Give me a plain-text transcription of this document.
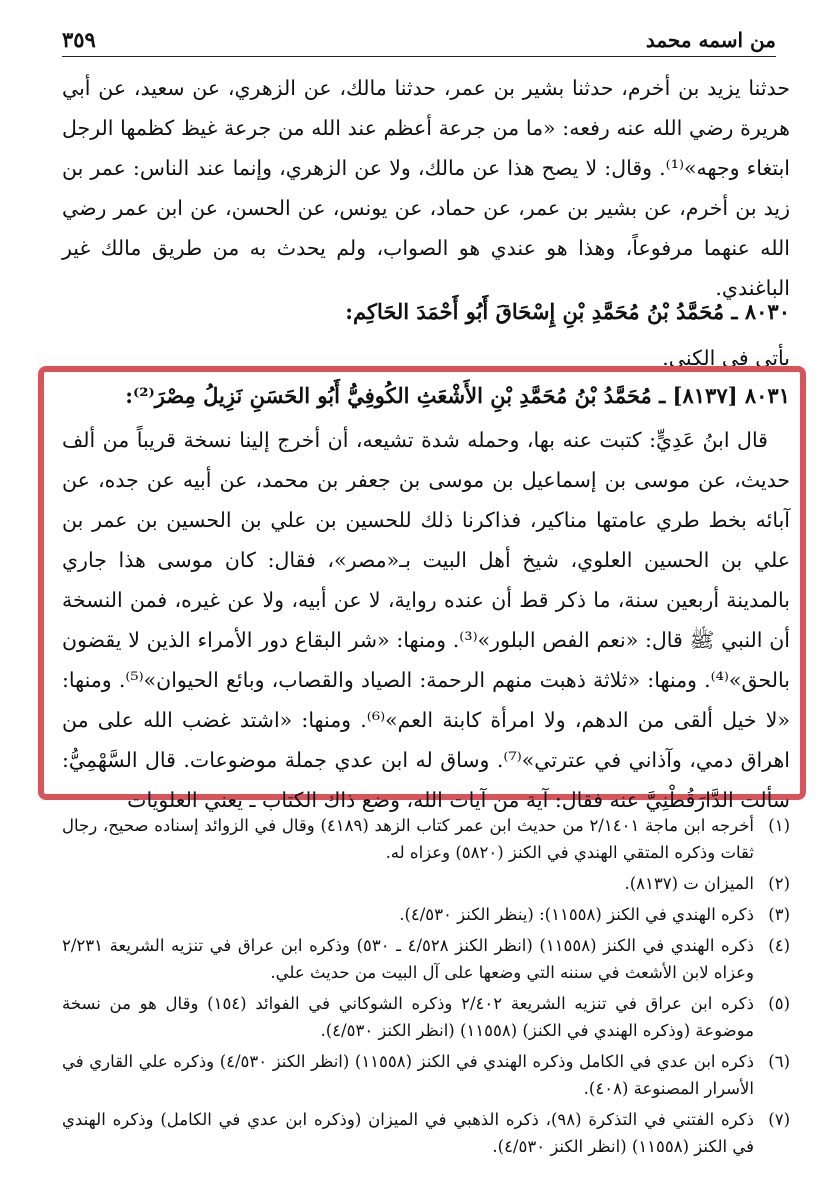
من اسمه محمد
٣٥٩

حدثنا يزيد بن أخرم، حدثنا بشير بن عمر، حدثنا مالك، عن الزهري، عن سعيد، عن أبي هريرة رضي الله عنه رفعه: «ما من جرعة أعظم عند الله من جرعة غيظ كظمها الرجل ابتغاء وجهه»⁽¹⁾. وقال: لا يصح هذا عن مالك، ولا عن الزهري، وإنما عند الناس: عمر بن زيد بن أخرم، عن بشير بن عمر، عن حماد، عن يونس، عن الحسن، عن ابن عمر رضي الله عنهما مرفوعاً، وهذا هو عندي هو الصواب، ولم يحدث به من طريق مالك غير الباغندي.

٨٠٣٠ ـ مُحَمَّدُ بْنُ مُحَمَّدِ بْنِ إِسْحَاقَ أَبُو أَحْمَدَ الحَاكِم:

يأتي في الكنى.

٨٠٣١ [٨١٣٧] ـ مُحَمَّدُ بْنُ مُحَمَّدِ بْنِ الأَشْعَثِ الكُوفِيُّ أَبُو الحَسَنِ نَزِيلُ مِصْرَ⁽²⁾:

قال ابنُ عَدِيٍّ: كتبت عنه بها، وحمله شدة تشيعه، أن أخرج إلينا نسخة قريباً من ألف حديث، عن موسى بن إسماعيل بن موسى بن جعفر بن محمد، عن أبيه عن جده، عن آبائه بخط طري عامتها مناكير، فذاكرنا ذلك للحسين بن علي بن الحسين بن عمر بن علي بن الحسين العلوي، شيخ أهل البيت بـ«مصر»، فقال: كان موسى هذا جاري بالمدينة أربعين سنة، ما ذكر قط أن عنده رواية، لا عن أبيه، ولا عن غيره، فمن النسخة أن النبي ﷺ قال: «نعم الفص البلور»⁽³⁾. ومنها: «شر البقاع دور الأمراء الذين لا يقضون بالحق»⁽⁴⁾. ومنها: «ثلاثة ذهبت منهم الرحمة: الصياد والقصاب، وبائع الحيوان»⁽⁵⁾. ومنها: «لا خيل ألقى من الدهم، ولا امرأة كابنة العم»⁽⁶⁾. ومنها: «اشتد غضب الله على من اهراق دمي، وآذاني في عترتي»⁽⁷⁾. وساق له ابن عدي جملة موضوعات. قال السَّهْمِيُّ: سألت الدَّارَقُطْنِيَّ عنه فقال: آية من آيات الله، وضع ذاك الكتاب ـ يعني العلويات

(١)
أخرجه ابن ماجة ٢/١٤٠١ من حديث ابن عمر كتاب الزهد (٤١٨٩) وقال في الزوائد إسناده صحيح، رجال ثقات وذكره المتقي الهندي في الكنز (٥٨٢٠) وعزاه له.
(٢)
الميزان ت (٨١٣٧).
(٣)
ذكره الهندي في الكنز (١١٥٥٨): (ينظر الكنز ٤/٥٣٠).
(٤)
ذكره الهندي في الكنز (١١٥٥٨) (انظر الكنز ٤/٥٢٨ ـ ٥٣٠) وذكره ابن عراق في تنزيه الشريعة ٢/٢٣١ وعزاه لابن الأشعث في سننه التي وضعها على آل البيت من حديث علي.
(٥)
ذكره ابن عراق في تنزيه الشريعة ٢/٤٠٢ وذكره الشوكاني في الفوائد (١٥٤) وقال هو من نسخة موضوعة (وذكره الهندي في الكنز) (١١٥٥٨) (انظر الكنز ٤/٥٣٠).
(٦)
ذكره ابن عدي في الكامل وذكره الهندي في الكنز (١١٥٥٨) (انظر الكنز ٤/٥٣٠) وذكره علي القاري في الأسرار المصنوعة (٤٠٨).
(٧)
ذكره الفتني في التذكرة (٩٨)، ذكره الذهبي في الميزان (وذكره ابن عدي في الكامل) وذكره الهندي في الكنز (١١٥٥٨) (انظر الكنز ٤/٥٣٠).
